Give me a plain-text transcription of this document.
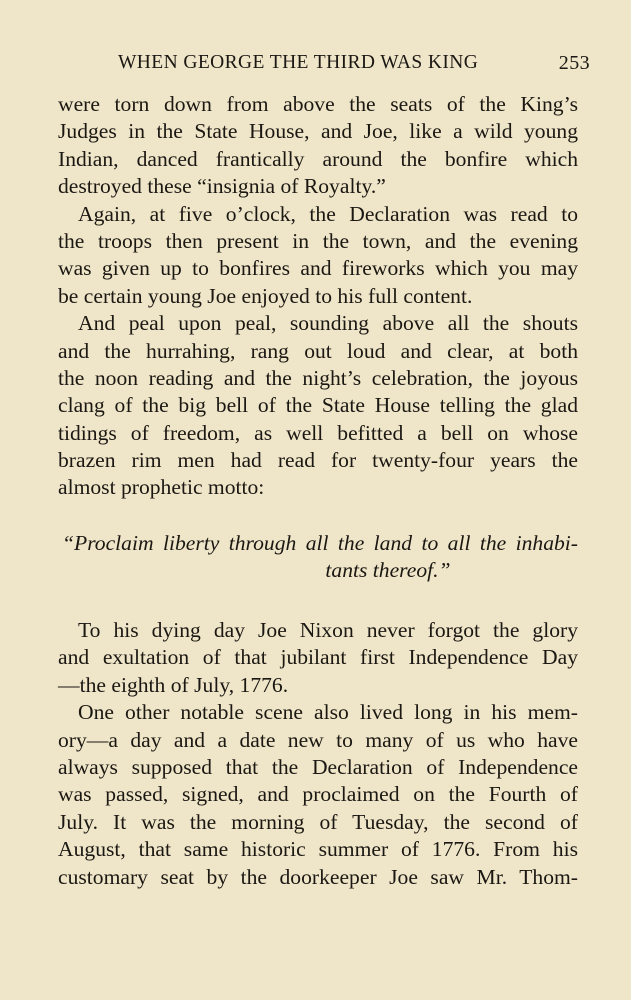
WHEN GEORGE THE THIRD WAS KING	253
were torn down from above the seats of the King’s
Judges in the State House, and Joe, like a wild young
Indian, danced frantically around the bonfire which
destroyed these “insignia of Royalty.”
Again, at five o’clock, the Declaration was read to
the troops then present in the town, and the evening
was given up to bonfires and fireworks which you may
be certain young Joe enjoyed to his full content.
And peal upon peal, sounding above all the shouts
and the hurrahing, rang out loud and clear, at both
the noon reading and the night’s celebration, the joyous
clang of the big bell of the State House telling the glad
tidings of freedom, as well befitted a bell on whose
brazen rim men had read for twenty-four years the
almost prophetic motto:
“Proclaim liberty through all the land to all the inhabi-
tants thereof.”
To his dying day Joe Nixon never forgot the glory
and exultation of that jubilant first Independence Day
—the eighth of July, 1776.
One other notable scene also lived long in his mem-
ory—a day and a date new to many of us who have
always supposed that the Declaration of Independence
was passed, signed, and proclaimed on the Fourth of
July. It was the morning of Tuesday, the second of
August, that same historic summer of 1776. From his
customary seat by the doorkeeper Joe saw Mr. Thom-
